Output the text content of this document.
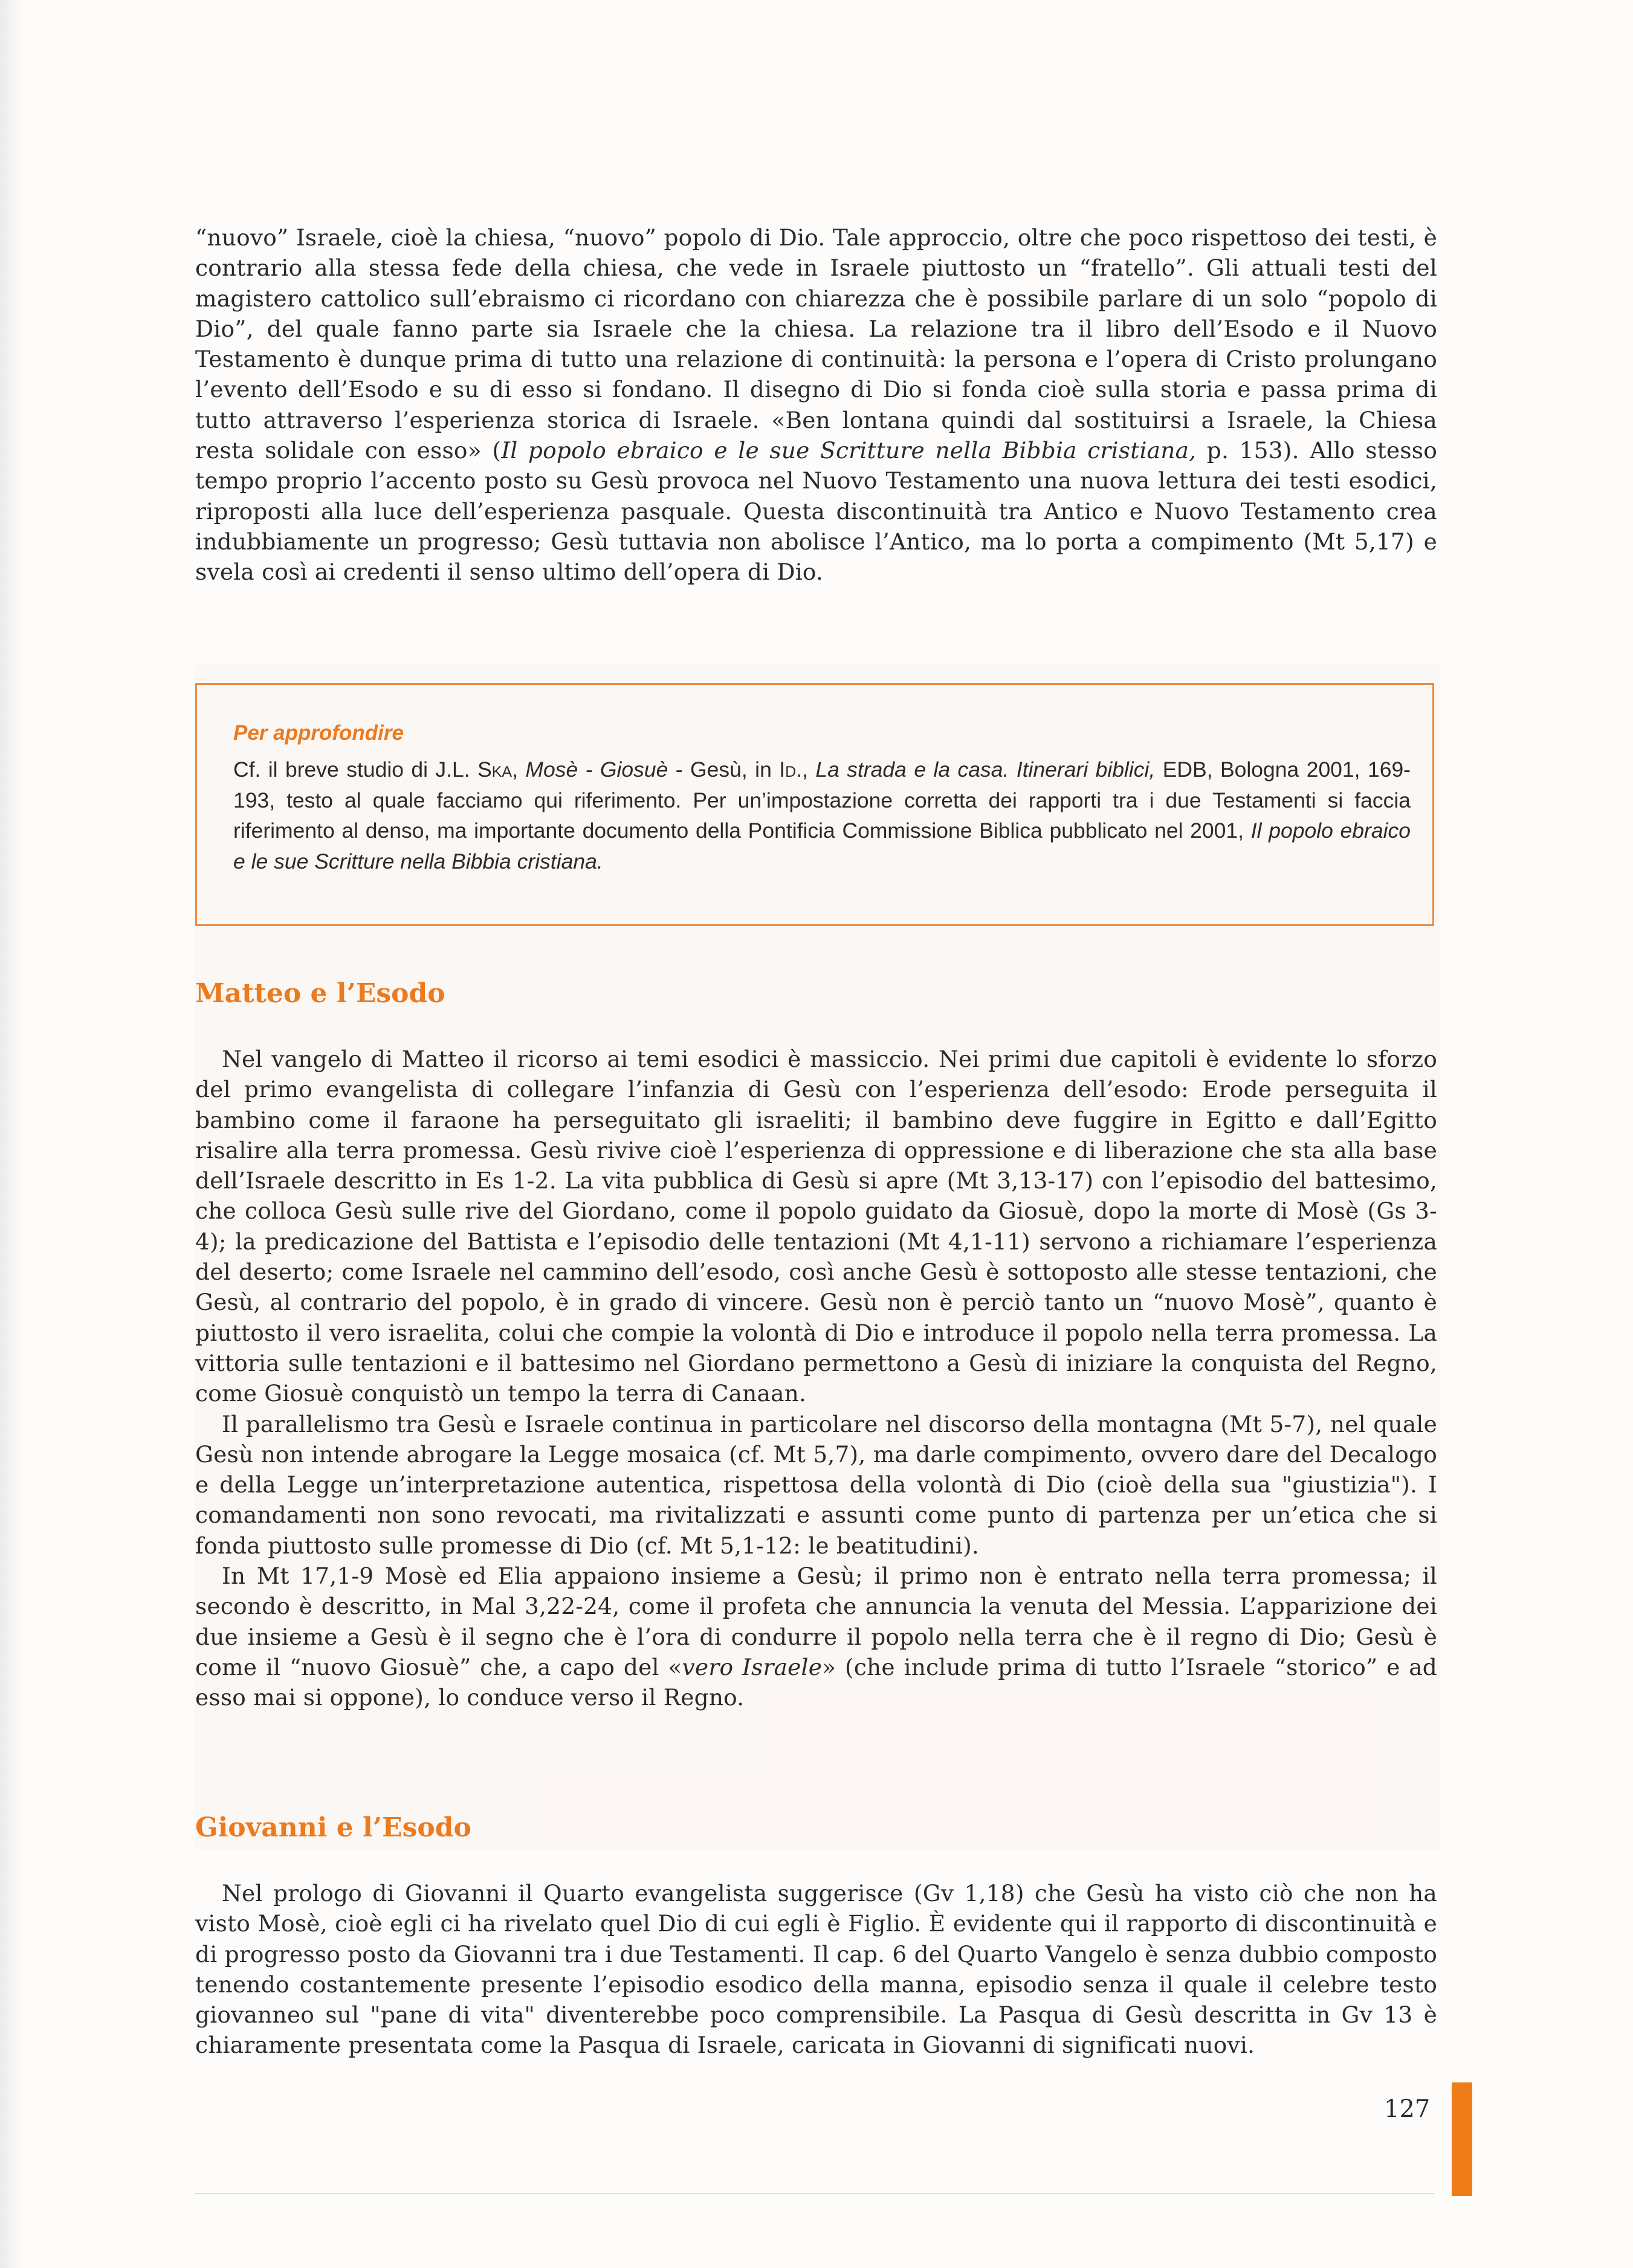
“nuovo” Israele, cioè la chiesa, “nuovo” popolo di Dio. Tale approccio, oltre che poco rispettoso dei testi, è contrario alla stessa fede della chiesa, che vede in Israele piuttosto un “fratello”. Gli attuali testi del magistero cattolico sull’ebraismo ci ricordano con chiarezza che è possibile parlare di un solo “popolo di Dio”, del quale fanno parte sia Israele che la chiesa. La relazione tra il libro dell’Esodo e il Nuovo Testamento è dunque prima di tutto una relazione di continuità: la persona e l’opera di Cristo prolungano l’evento dell’Esodo e su di esso si fondano. Il disegno di Dio si fonda cioè sulla storia e passa prima di tutto attraverso l’esperienza storica di Israele. «Ben lontana quindi dal sostituirsi a Israele, la Chiesa resta solidale con esso» (Il popolo ebraico e le sue Scritture nella Bibbia cristiana, p. 153). Allo stesso tempo proprio l’accento posto su Gesù provoca nel Nuovo Testamento una nuova lettura dei testi esodici, riproposti alla luce dell’esperienza pasquale. Questa discontinuità tra Antico e Nuovo Testamento crea indubbiamente un progresso; Gesù tuttavia non abolisce l’Antico, ma lo porta a compimento (Mt 5,17) e svela così ai credenti il senso ultimo dell’opera di Dio.

Per approfondire

Cf. il breve studio di J.L. Ska, Mosè - Giosuè - Gesù, in Id., La strada e la casa. Itinerari biblici, EDB, Bologna 2001, 169-193, testo al quale facciamo qui riferimento. Per un’impostazione corretta dei rapporti tra i due Testamenti si faccia riferimento al denso, ma importante documento della Pontificia Commissione Biblica pubblicato nel 2001, Il popolo ebraico e le sue Scritture nella Bibbia cristiana.

Matteo e l’Esodo

Nel vangelo di Matteo il ricorso ai temi esodici è massiccio. Nei primi due capitoli è evidente lo sforzo del primo evangelista di collegare l’infanzia di Gesù con l’esperienza dell’esodo: Erode perseguita il bambino come il faraone ha perseguitato gli israeliti; il bambino deve fuggire in Egitto e dall’Egitto risalire alla terra promessa. Gesù rivive cioè l’esperienza di oppressione e di liberazione che sta alla base dell’Israele descritto in Es 1-2. La vita pubblica di Gesù si apre (Mt 3,13-17) con l’episodio del battesimo, che colloca Gesù sulle rive del Giordano, come il popolo guidato da Giosuè, dopo la morte di Mosè (Gs 3-4); la predicazione del Battista e l’episodio delle tentazioni (Mt 4,1-11) servono a richiamare l’esperienza del deserto; come Israele nel cammino dell’esodo, così anche Gesù è sottoposto alle stesse tentazioni, che Gesù, al contrario del popolo, è in grado di vincere. Gesù non è perciò tanto un “nuovo Mosè”, quanto è piuttosto il vero israelita, colui che compie la volontà di Dio e introduce il popolo nella terra promessa. La vittoria sulle tentazioni e il battesimo nel Giordano permettono a Gesù di iniziare la conquista del Regno, come Giosuè conquistò un tempo la terra di Canaan.

Il parallelismo tra Gesù e Israele continua in particolare nel discorso della montagna (Mt 5-7), nel quale Gesù non intende abrogare la Legge mosaica (cf. Mt 5,7), ma darle compimento, ovvero dare del Decalogo e della Legge un’interpretazione autentica, rispettosa della volontà di Dio (cioè della sua "giustizia"). I comandamenti non sono revocati, ma rivitalizzati e assunti come punto di partenza per un’etica che si fonda piuttosto sulle promesse di Dio (cf. Mt 5,1-12: le beatitudini).

In Mt 17,1-9 Mosè ed Elia appaiono insieme a Gesù; il primo non è entrato nella terra promessa; il secondo è descritto, in Mal 3,22-24, come il profeta che annuncia la venuta del Messia. L’apparizione dei due insieme a Gesù è il segno che è l’ora di condurre il popolo nella terra che è il regno di Dio; Gesù è come il “nuovo Giosuè” che, a capo del «vero Israele» (che include prima di tutto l’Israele “storico” e ad esso mai si oppone), lo conduce verso il Regno.

Giovanni e l’Esodo

Nel prologo di Giovanni il Quarto evangelista suggerisce (Gv 1,18) che Gesù ha visto ciò che non ha visto Mosè, cioè egli ci ha rivelato quel Dio di cui egli è Figlio. È evidente qui il rapporto di discontinuità e di progresso posto da Giovanni tra i due Testamenti. Il cap. 6 del Quarto Vangelo è senza dubbio composto tenendo costantemente presente l’episodio esodico della manna, episodio senza il quale il celebre testo giovanneo sul "pane di vita" diventerebbe poco comprensibile. La Pasqua di Gesù descritta in Gv 13 è chiaramente presentata come la Pasqua di Israele, caricata in Giovanni di significati nuovi.

127
